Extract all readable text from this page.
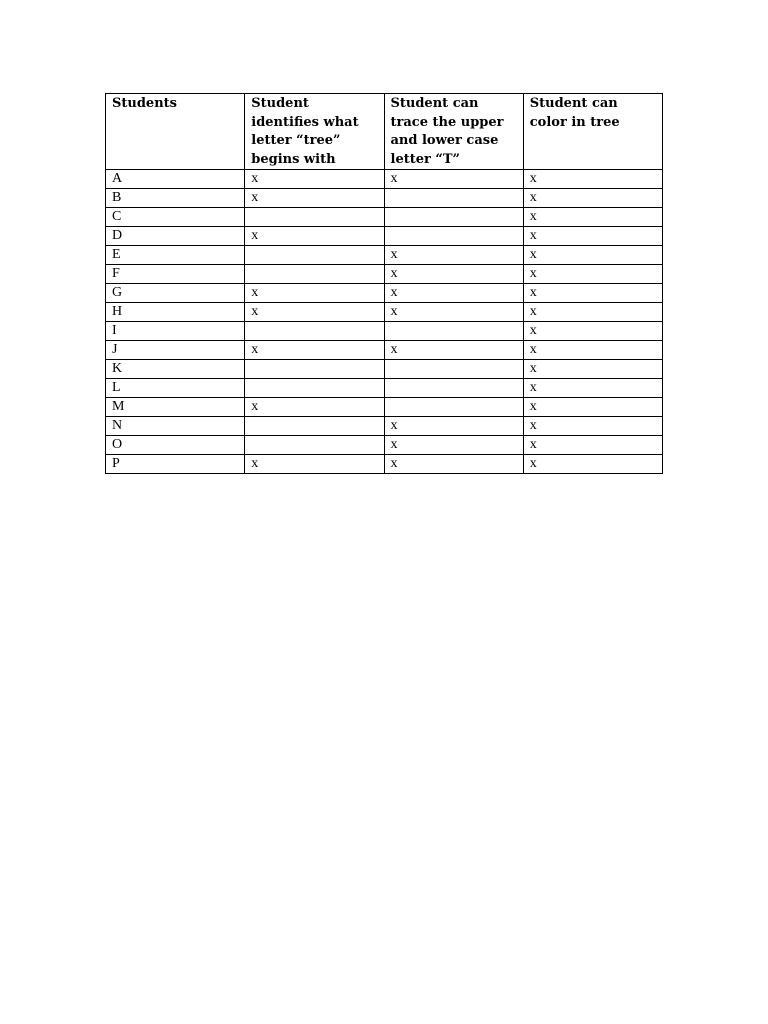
Students	Student identifies what letter “tree” begins with	Student can trace the upper and lower case letter “T”	Student can color in tree
A	x	x	x
B	x		x
C			x
D	x		x
E		x	x
F		x	x
G	x	x	x
H	x	x	x
I			x
J	x	x	x
K			x
L			x
M	x		x
N		x	x
O		x	x
P	x	x	x
